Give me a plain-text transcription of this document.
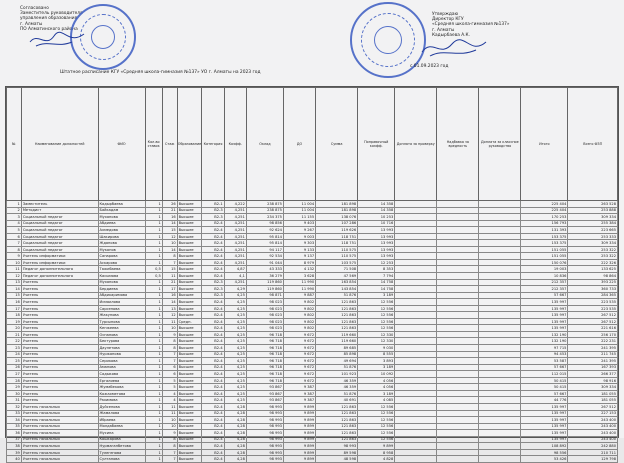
Согласовано
Заместитель руководителя
управления образования
г. Алматы
ПО Алматинского района
Утверждаю
Директор КГУ
«Средняя школа-гимназия №137»
г. Алматы
Кадырбаева А.К.
Штатное расписание КГУ «Средняя школа-гимназия №137» УО г. Алматы на 2023 год
с 01.09.2023 год
№	Наименование должностей	ФИО	Кол-во ставок	Стаж	Образование	Категория	Коэфф.	Оклад	ДО	Сумма	Поправочный коэфф.	Доплата за проверку	Надбавка за вредность	Доплата за классное руководство	Итого	Всего ФЗП
1	Заместитель	Кадырбаева	1	26	Высшее	В2-1	4,222	238 875	11 004	181 898	14 358				225 404	263 528
2	Методист	Байкадам	1	21	Высшее	В2-3	4,251	238 875	11 004	181 898	14 358				225 404	253 888
3	Социальный педагог	Муханова	1	16	Высшее	В2-3	4,251	234 375	11 155	138 076	10 253				170 253	309 334
4	Социальный педагог	Абдиева	1	14	Высшее	В2-4	4,251	98 856	9 403	107 286	10 716				156 793	255 384
5	Социальный педагог	Ахмедова	1	15	Высшее	В2-4	4,251	92 624	9 267	119 626	13 993				131 393	223 665
6	Социальный педагог	Шакирова	1	12	Высшее	В2-4	4,251	95 814	9 003	118 751	13 993				153 375	253 333
7	Социальный педагог	Жданова	1	10	Высшее	В2-4	4,251	95 814	9 303	118 751	13 993				153 375	309 334
8	Социальный педагог	Муканов	1	14	Высшее	В2-4	4,251	94 117	9 133	110 575	13 993				151 055	253 322
9	Учитель информатики	Сапарова	1	8	Высшее	В2-4	4,251	92 534	9 137	110 575	13 993				151 055	253 322
10	Учитель информатики	Аскарова	1	7	Высшее	В2-4	4,251	91 044	8 979	103 575	12 253				150 076	222 326
11	Педагог дополнительного	Тажибаева	0,5	15	Высшее	В2-4	4,87	43 333	4 132	71 508	8 353				19 003	133 625
12	Педагог дополнительного	Касымова	0,5	11	Высшее	В2-4	4,1	36 279	3 628	47 569	7 794				10 836	98 864
13	Учитель	Муханова	1	21	Высшее	В2-3	4,251	119 860	11 990	163 854	14 758				212 357	393 225
14	Учитель	Бердиева	1	17	Высшее	В2-3	4,29	119 860	11 990	143 854	14 758				212 357	360 733
15	Учитель	Абдикаримова	1	16	Высшее	В2-3	4,25	98 871	9 887	51 876	3 189				57 667	284 365
16	Учитель	Исмаилова	1	14	Высшее	В2-4	4,25	98 023	9 802	121 863	12 556				135 997	223 535
17	Учитель	Сарсенова	1	13	Высшее	В2-4	4,25	98 023	9 802	121 863	12 556				135 997	223 535
18	Учитель	Жакупова	1	12	Высшее	В2-4	4,25	98 023	9 802	121 863	12 556				135 997	267 512
19	Учитель	Турсынова	1	11	Средн.	В2-4	4,25	98 023	9 802	121 863	12 556				135 997	267 512
20	Учитель	Кенжеева	1	10	Высшее	В2-4	4,25	98 023	9 802	121 863	12 556				135 997	221 616
21	Учитель	Оспанова	1	9	Высшее	В2-4	4,25	96 718	9 672	119 660	12 330				132 190	256 170
22	Учитель	Бектурова	1	8	Высшее	В2-4	4,25	96 718	9 672	119 660	12 330				132 190	222 231
23	Учитель	Даулетова	1	8	Высшее	В2-4	4,25	96 718	9 672	89 685	9 030				97 715	241 395
24	Учитель	Нуржанова	1	7	Высшее	В2-4	4,25	96 718	9 672	85 898	8 555				94 453	211 745
25	Учитель	Серикова	1	7	Высшее	В2-4	4,25	96 718	9 672	49 694	3 893				53 587	241 395
26	Учитель	Аманова	1	6	Высшее	В2-4	4,25	96 718	9 672	51 876	3 189				57 667	167 393
27	Учитель	Садыкова	1	6	Высшее	В2-4	4,25	96 718	9 672	101 923	10 092				112 015	266 377
28	Учитель	Ергалиева	1	5	Высшее	В2-4	4,25	96 718	9 672	46 359	4 056				50 415	98 916
29	Учитель	Жумабекова	1	5	Высшее	В2-4	4,25	93 867	9 387	46 359	4 056				50 415	309 334
30	Учитель	Кожахметова	1	4	Высшее	В2-4	4,25	93 867	9 387	51 876	3 189				57 667	181 055
31	Учитель	Рахимова	1	4	Высшее	В2-4	4,25	93 867	9 387	40 691	4 085				44 776	181 055
32	Учитель начальных	Дуйсенова	1	11	Высшее	В2-4	4,28	98 993	9 899	121 863	12 556				135 997	267 512
33	Учитель начальных	Жамалова	1	11	Высшее	В2-4	4,28	98 993	9 899	121 863	12 556				135 997	227 153
34	Учитель начальных	Ибраева	1	10	Высшее	В2-4	4,28	98 993	9 899	121 863	12 556				135 997	243 400
35	Учитель начальных	Молдабаева	1	10	Высшее	В2-4	4,28	98 993	9 899	121 863	12 556				135 997	243 400
36	Учитель начальных	Мусина	1	9	Высшее	В2-4	4,28	98 993	9 899	121 863	12 556				135 997	243 400
37	Учитель начальных	Кошкарова	1	8	Высшее	В2-4	4,28	98 993	9 899	121 863	12 556				135 997	243 400
38	Учитель начальных	Нурмаганбетова	1	8	Высшее	В2-4	4,28	98 993	9 899	98 993	9 899				108 892	242 880
39	Учитель начальных	Тулегенова	1	7	Высшее	В2-4	4,28	98 993	9 899	89 598	8 958				98 556	210 711
40	Учитель начальных	Султанова	1	7	Высшее	В2-4	4,28	98 993	9 899	48 598	4 828				53 426	129 798
